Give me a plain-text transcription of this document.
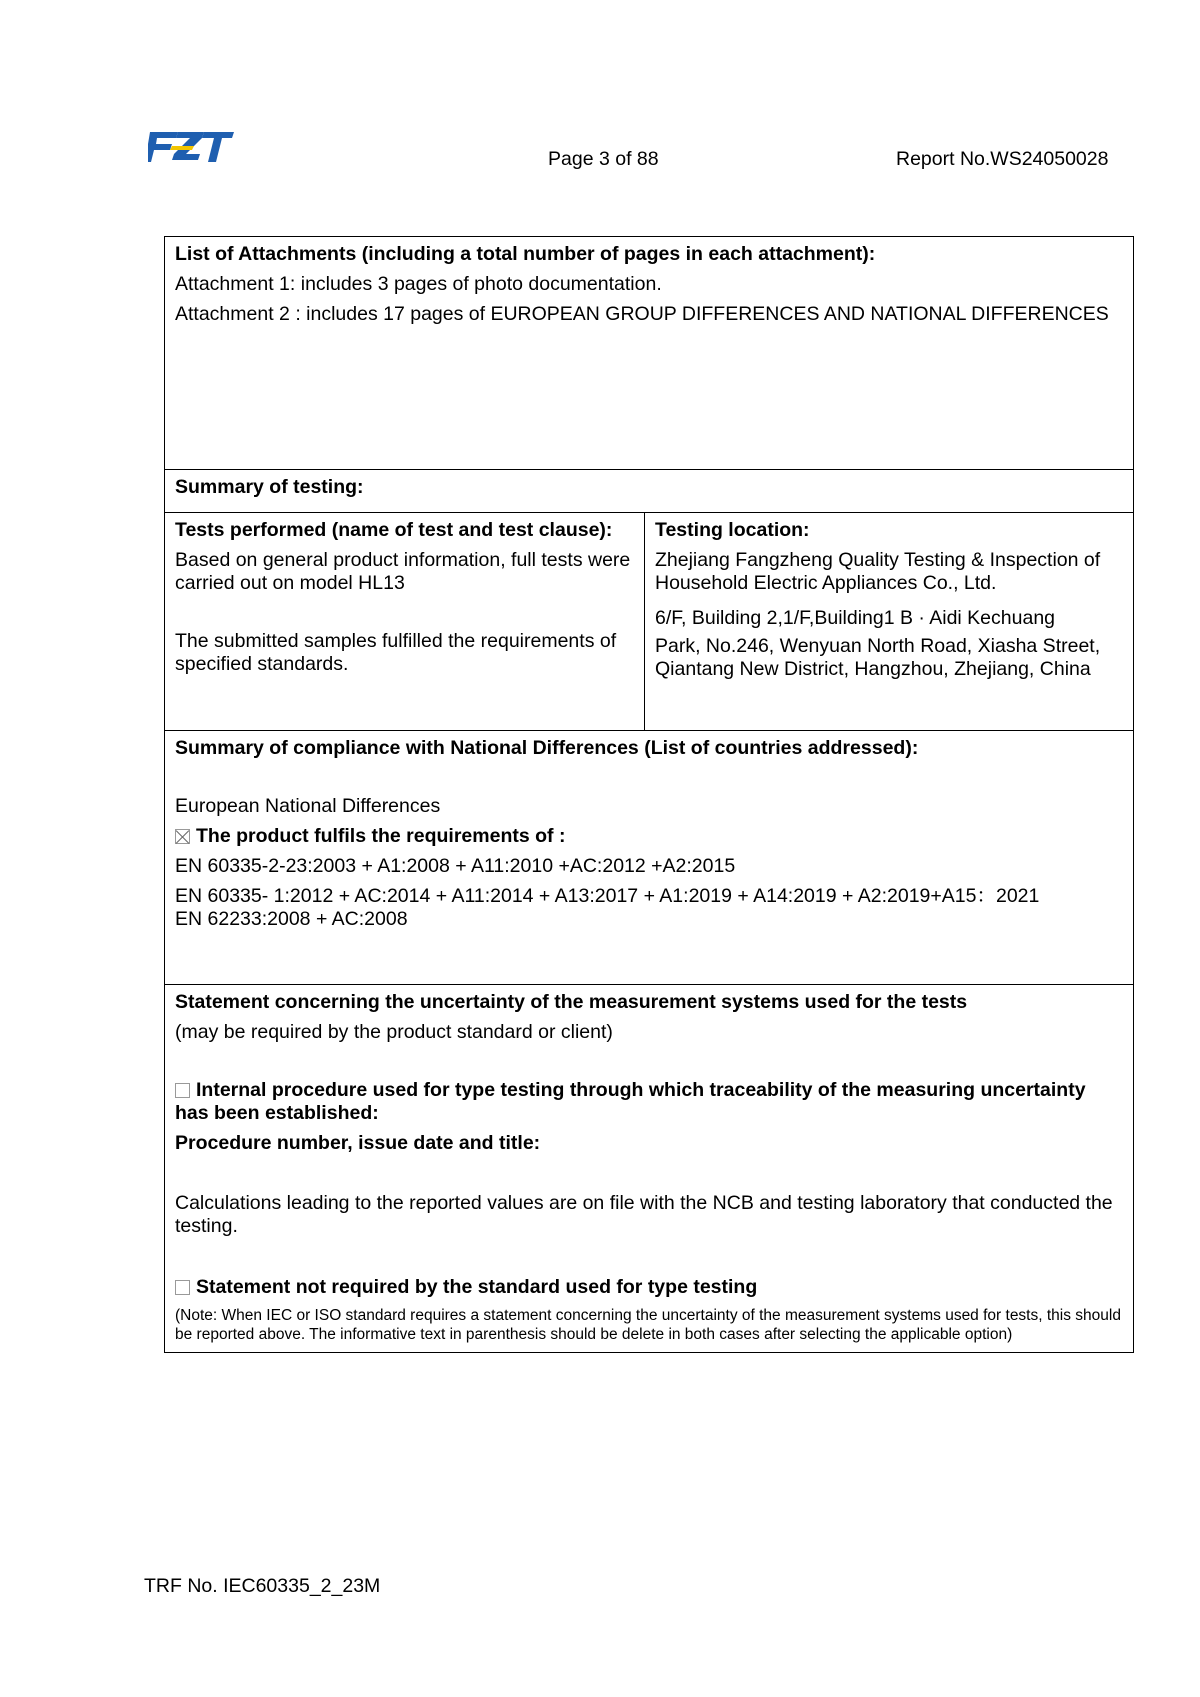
Page 3 of 88	Report No.WS24050028

List of Attachments (including a total number of pages in each attachment):

Attachment 1: includes 3 pages of photo documentation.

Attachment 2 : includes 17 pages of EUROPEAN GROUP DIFFERENCES AND NATIONAL DIFFERENCES

Summary of testing:

Tests performed (name of test and test clause):

Based on general product information, full tests were carried out on model HL13

The submitted samples fulfilled the requirements of specified standards.

Testing location:

Zhejiang Fangzheng Quality Testing & Inspection of Household Electric Appliances Co., Ltd.

6/F, Building 2,1/F,Building1 B · Aidi Kechuang

Park, No.246, Wenyuan North Road, Xiasha Street, Qiantang New District, Hangzhou, Zhejiang, China

Summary of compliance with National Differences (List of countries addressed):

European National Differences

The product fulfils the requirements of :

EN 60335-2-23:2003 + A1:2008 + A11:2010 +AC:2012 +A2:2015

EN 60335- 1:2012 + AC:2014 + A11:2014 + A13:2017 + A1:2019 + A14:2019 + A2:2019+A15：2021

EN 62233:2008 + AC:2008

Statement concerning the uncertainty of the measurement systems used for the tests

(may be required by the product standard or client)

Internal procedure used for type testing through which traceability of the measuring uncertainty has been established:

Procedure number, issue date and title:

Calculations leading to the reported values are on file with the NCB and testing laboratory that conducted the testing.

Statement not required by the standard used for type testing

(Note: When IEC or ISO standard requires a statement concerning the uncertainty of the measurement systems used for tests, this should be reported above. The informative text in parenthesis should be delete in both cases after selecting the applicable option)

TRF No. IEC60335_2_23M
